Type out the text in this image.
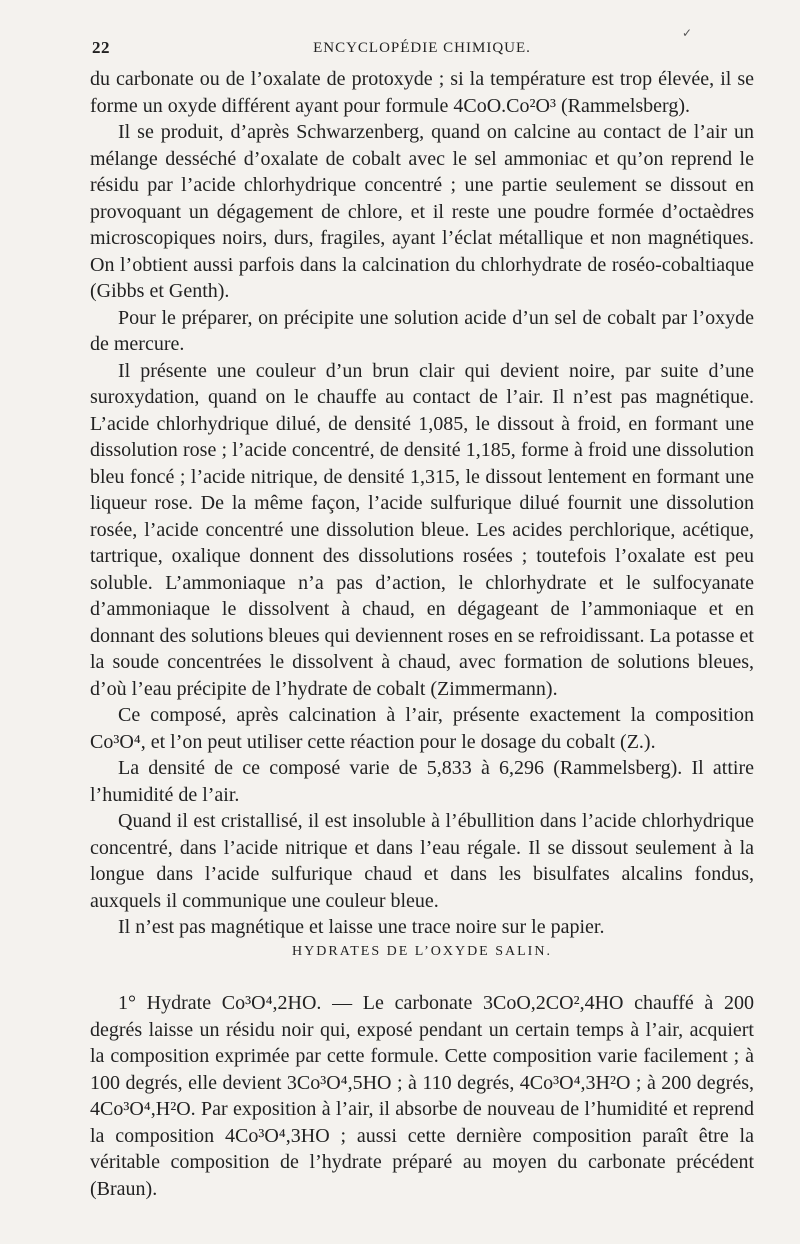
✓
22	ENCYCLOPÉDIE CHIMIQUE.

du carbonate ou de l’oxalate de protoxyde ; si la température est trop élevée, il se forme un oxyde différent ayant pour formule 4CoO.Co²O³ (Rammelsberg).

Il se produit, d’après Schwarzenberg, quand on calcine au contact de l’air un mélange desséché d’oxalate de cobalt avec le sel ammoniac et qu’on reprend le résidu par l’acide chlorhydrique concentré ; une partie seulement se dissout en provoquant un dégagement de chlore, et il reste une poudre formée d’octaèdres microscopiques noirs, durs, fragiles, ayant l’éclat métallique et non magnétiques. On l’obtient aussi parfois dans la calcination du chlorhydrate de roséo-cobaltiaque (Gibbs et Genth).

Pour le préparer, on précipite une solution acide d’un sel de cobalt par l’oxyde de mercure.

Il présente une couleur d’un brun clair qui devient noire, par suite d’une suroxydation, quand on le chauffe au contact de l’air. Il n’est pas magnétique. L’acide chlorhydrique dilué, de densité 1,085, le dissout à froid, en formant une dissolution rose ; l’acide concentré, de densité 1,185, forme à froid une dissolution bleu foncé ; l’acide nitrique, de densité 1,315, le dissout lentement en formant une liqueur rose. De la même façon, l’acide sulfurique dilué fournit une dissolution rosée, l’acide concentré une dissolution bleue. Les acides perchlorique, acétique, tartrique, oxalique donnent des dissolutions rosées ; toutefois l’oxalate est peu soluble. L’ammoniaque n’a pas d’action, le chlorhydrate et le sulfocyanate d’ammoniaque le dissolvent à chaud, en dégageant de l’ammoniaque et en donnant des solutions bleues qui deviennent roses en se refroidissant. La potasse et la soude concentrées le dissolvent à chaud, avec formation de solutions bleues, d’où l’eau précipite de l’hydrate de cobalt (Zimmermann).

Ce composé, après calcination à l’air, présente exactement la composition Co³O⁴, et l’on peut utiliser cette réaction pour le dosage du cobalt (Z.).

La densité de ce composé varie de 5,833 à 6,296 (Rammelsberg). Il attire l’humidité de l’air.

Quand il est cristallisé, il est insoluble à l’ébullition dans l’acide chlorhydrique concentré, dans l’acide nitrique et dans l’eau régale. Il se dissout seulement à la longue dans l’acide sulfurique chaud et dans les bisulfates alcalins fondus, auxquels il communique une couleur bleue.

Il n’est pas magnétique et laisse une trace noire sur le papier.

HYDRATES DE L’OXYDE SALIN.

1° Hydrate Co³O⁴,2HO. — Le carbonate 3CoO,2CO²,4HO chauffé à 200 degrés laisse un résidu noir qui, exposé pendant un certain temps à l’air, acquiert la composition exprimée par cette formule. Cette composition varie facilement ; à 100 degrés, elle devient 3Co³O⁴,5HO ; à 110 degrés, 4Co³O⁴,3H²O ; à 200 degrés, 4Co³O⁴,H²O. Par exposition à l’air, il absorbe de nouveau de l’humidité et reprend la composition 4Co³O⁴,3HO ; aussi cette dernière composition paraît être la véritable composition de l’hydrate préparé au moyen du carbonate précédent (Braun).
